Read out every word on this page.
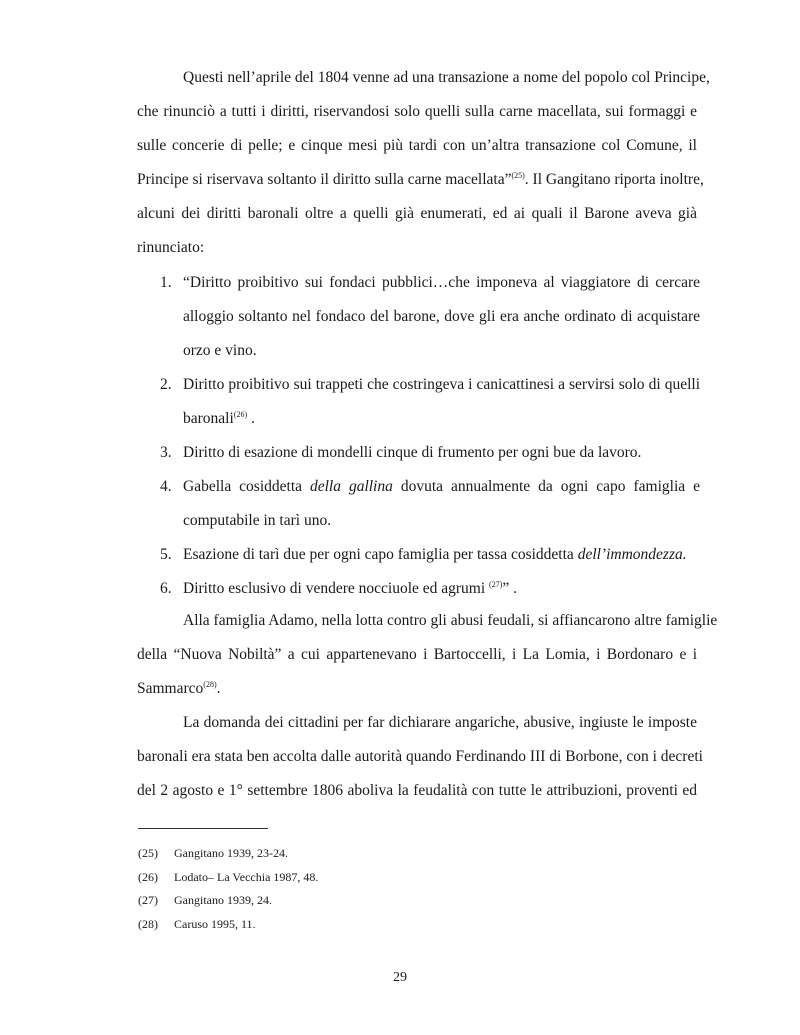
Questi nell’aprile del 1804 venne ad una transazione a nome del popolo col Principe,
che rinunciò a tutti i diritti, riservandosi solo quelli sulla carne macellata, sui formaggi e
sulle concerie di pelle; e cinque mesi più tardi con un’altra transazione col Comune, il
Principe si riservava soltanto il diritto sulla carne macellata”$^{(25)}$. Il Gangitano riporta inoltre,
alcuni dei diritti baronali oltre a quelli già enumerati, ed ai quali il Barone aveva già
rinunciato:
1. “Diritto proibitivo sui fondaci pubblici…che imponeva al viaggiatore di cercare
alloggio soltanto nel fondaco del barone, dove gli era anche ordinato di acquistare
orzo e vino.
2. Diritto proibitivo sui trappeti che costringeva i canicattinesi a servirsi solo di quelli
baronali$^{(26)}$ .
3. Diritto di esazione di mondelli cinque di frumento per ogni bue da lavoro.
4. Gabella cosiddetta della gallina dovuta annualmente da ogni capo famiglia e
computabile in tarì uno.
5. Esazione di tarì due per ogni capo famiglia per tassa cosiddetta dell’immondezza.
6. Diritto esclusivo di vendere nocciuole ed agrumi $^{(27)}$” .
Alla famiglia Adamo, nella lotta contro gli abusi feudali, si affiancarono altre famiglie
della “Nuova Nobiltà” a cui appartenevano i Bartoccelli, i La Lomia, i Bordonaro e i
Sammarco$^{(28)}$.
La domanda dei cittadini per far dichiarare angariche, abusive, ingiuste le imposte
baronali era stata ben accolta dalle autorità quando Ferdinando III di Borbone, con i decreti
del 2 agosto e 1° settembre 1806 aboliva la feudalità con tutte le attribuzioni, proventi ed
(25) Gangitano 1939, 23-24.
(26) Lodato– La Vecchia 1987, 48.
(27) Gangitano 1939, 24.
(28) Caruso 1995, 11.
29
